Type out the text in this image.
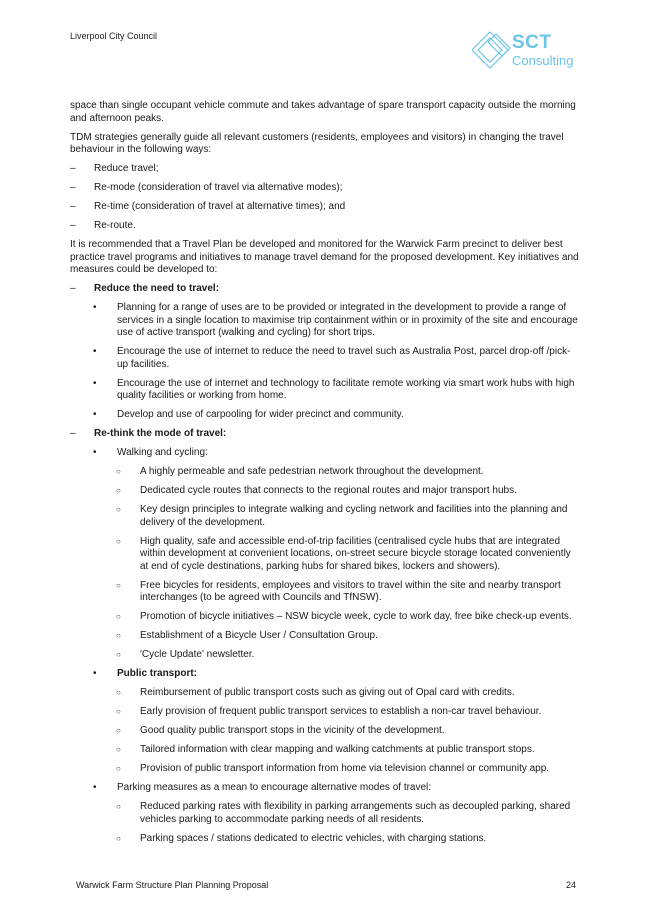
Liverpool City Council	SCT
Consulting

space than single occupant vehicle commute and takes advantage of spare transport capacity outside the morning and afternoon peaks.

TDM strategies generally guide all relevant customers (residents, employees and visitors) in changing the travel behaviour in the following ways:

– Reduce travel;
– Re-mode (consideration of travel via alternative modes);
– Re-time (consideration of travel at alternative times); and
– Re-route.

It is recommended that a Travel Plan be developed and monitored for the Warwick Farm precinct to deliver best practice travel programs and initiatives to manage travel demand for the proposed development. Key initiatives and measures could be developed to:

– Reduce the need to travel:
• Planning for a range of uses are to be provided or integrated in the development to provide a range of services in a single location to maximise trip containment within or in proximity of the site and encourage use of active transport (walking and cycling) for short trips.
• Encourage the use of internet to reduce the need to travel such as Australia Post, parcel drop-off /pick-up facilities.
• Encourage the use of internet and technology to facilitate remote working via smart work hubs with high quality facilities or working from home.
• Develop and use of carpooling for wider precinct and community.
– Re-think the mode of travel:
• Walking and cycling:
○ A highly permeable and safe pedestrian network throughout the development.
○ Dedicated cycle routes that connects to the regional routes and major transport hubs.
○ Key design principles to integrate walking and cycling network and facilities into the planning and delivery of the development.
○ High quality, safe and accessible end-of-trip facilities (centralised cycle hubs that are integrated within development at convenient locations, on-street secure bicycle storage located conveniently at end of cycle destinations, parking hubs for shared bikes, lockers and showers).
○ Free bicycles for residents, employees and visitors to travel within the site and nearby transport interchanges (to be agreed with Councils and TfNSW).
○ Promotion of bicycle initiatives – NSW bicycle week, cycle to work day, free bike check-up events.
○ Establishment of a Bicycle User / Consultation Group.
○ 'Cycle Update' newsletter.
• Public transport:
○ Reimbursement of public transport costs such as giving out of Opal card with credits.
○ Early provision of frequent public transport services to establish a non-car travel behaviour.
○ Good quality public transport stops in the vicinity of the development.
○ Tailored information with clear mapping and walking catchments at public transport stops.
○ Provision of public transport information from home via television channel or community app.
• Parking measures as a mean to encourage alternative modes of travel:
○ Reduced parking rates with flexibility in parking arrangements such as decoupled parking, shared vehicles parking to accommodate parking needs of all residents.
○ Parking spaces / stations dedicated to electric vehicles, with charging stations.
Warwick Farm Structure Plan Planning Proposal	24
